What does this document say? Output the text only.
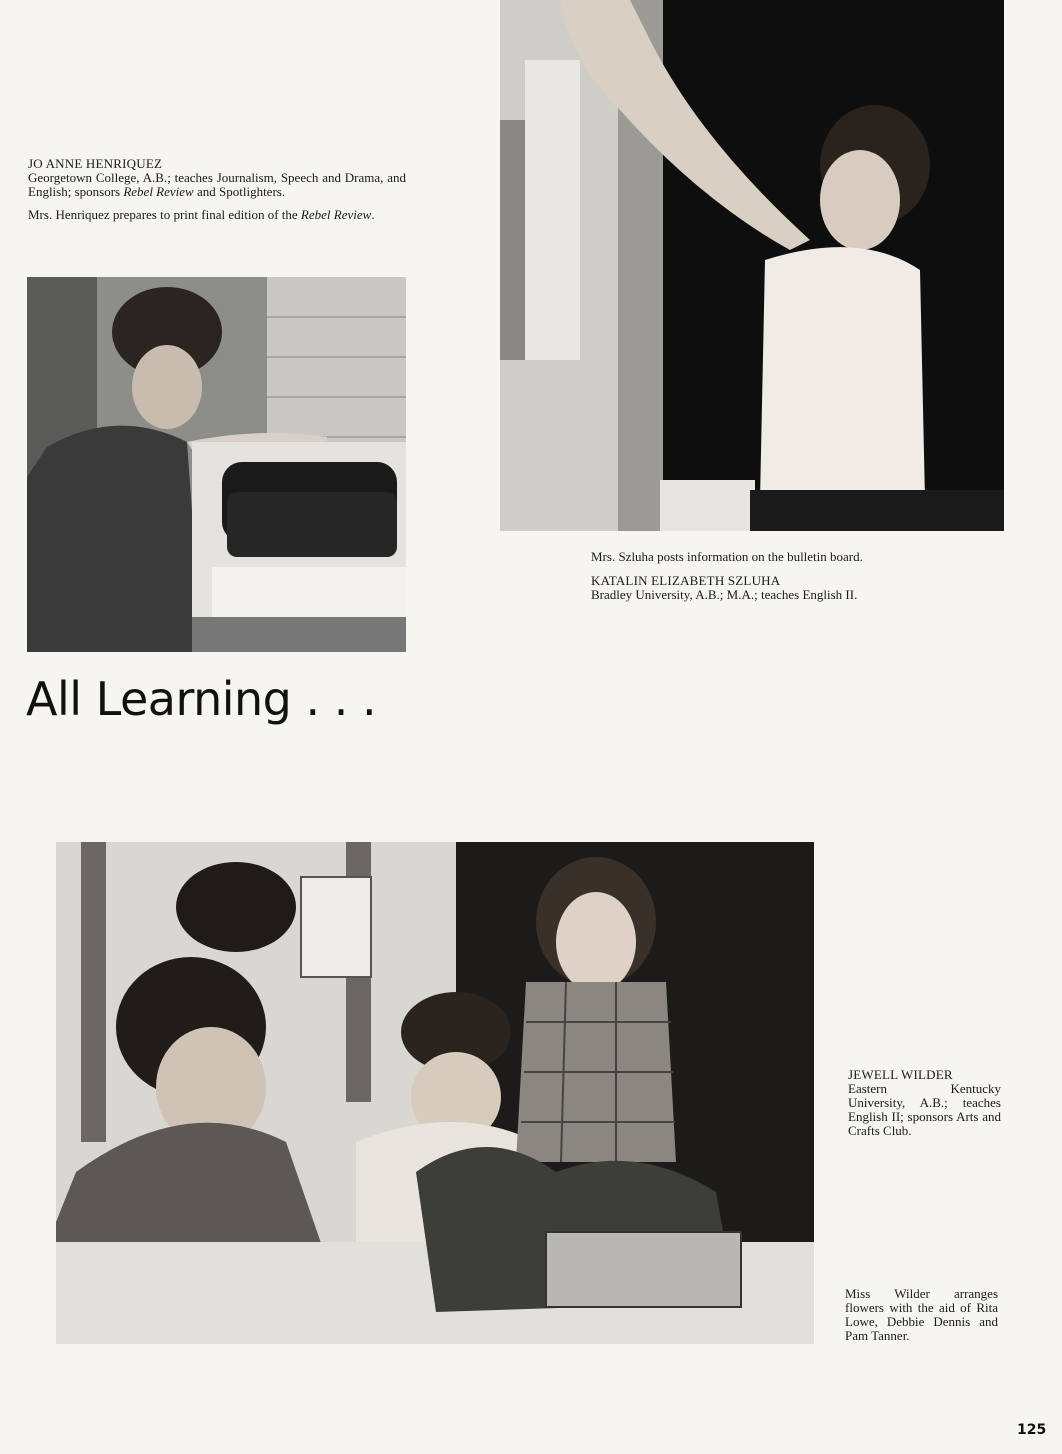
JO ANNE HENRIQUEZ
Georgetown College, A.B.; teaches Journalism, Speech and Drama, and English; sponsors Rebel Review and Spotlighters.
Mrs. Henriquez prepares to print final edition of the Rebel Review.
Mrs. Szluha posts information on the bulletin board.
KATALIN ELIZABETH SZLUHA
Bradley University, A.B.; M.A.; teaches English II.
All Learning . . .
JEWELL WILDER
Eastern Kentucky University, A.B.; teaches English II; sponsors Arts and Crafts Club.
Miss Wilder arranges flowers with the aid of Rita Lowe, Debbie Dennis and Pam Tanner.
125
